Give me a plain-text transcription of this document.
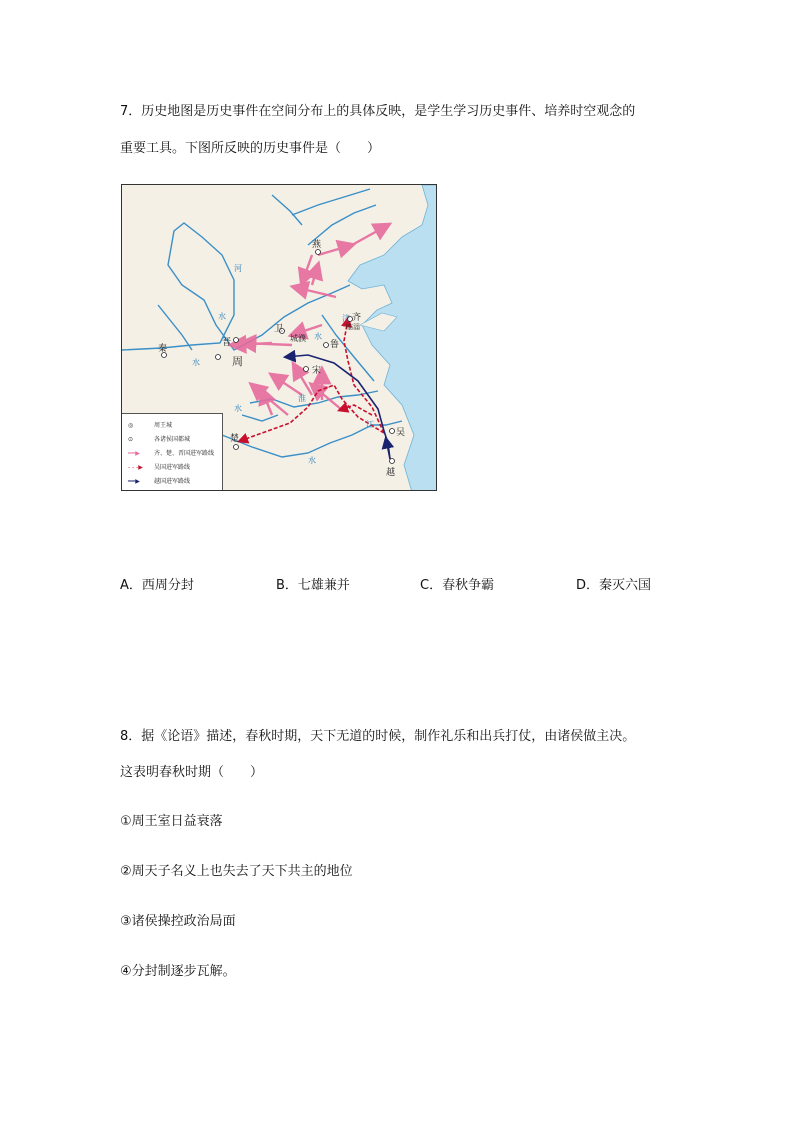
7．历史地图是历史事件在空间分布上的具体反映，是学生学习历史事件、培养时空观念的
重要工具。下图所反映的历史事件是（　　）
燕
齐
临淄
卫
城濮
鲁
晋
秦
周
宋
楚
吴
越
河
水	济
水
水
淮
水
江
水
◎	周王城
⊙	各诸侯国都城
━━▶ 齐、楚、晋国进军路线
- - -▶ 吴国进军路线
━━▶ 越国进军路线
A．西周分封	B．七雄兼并	C．春秋争霸	D．秦灭六国
8．据《论语》描述，春秋时期，天下无道的时候，制作礼乐和出兵打仗，由诸侯做主决。
这表明春秋时期（　　）
①周王室日益衰落
②周天子名义上也失去了天下共主的地位
③诸侯操控政治局面
④分封制逐步瓦解。
